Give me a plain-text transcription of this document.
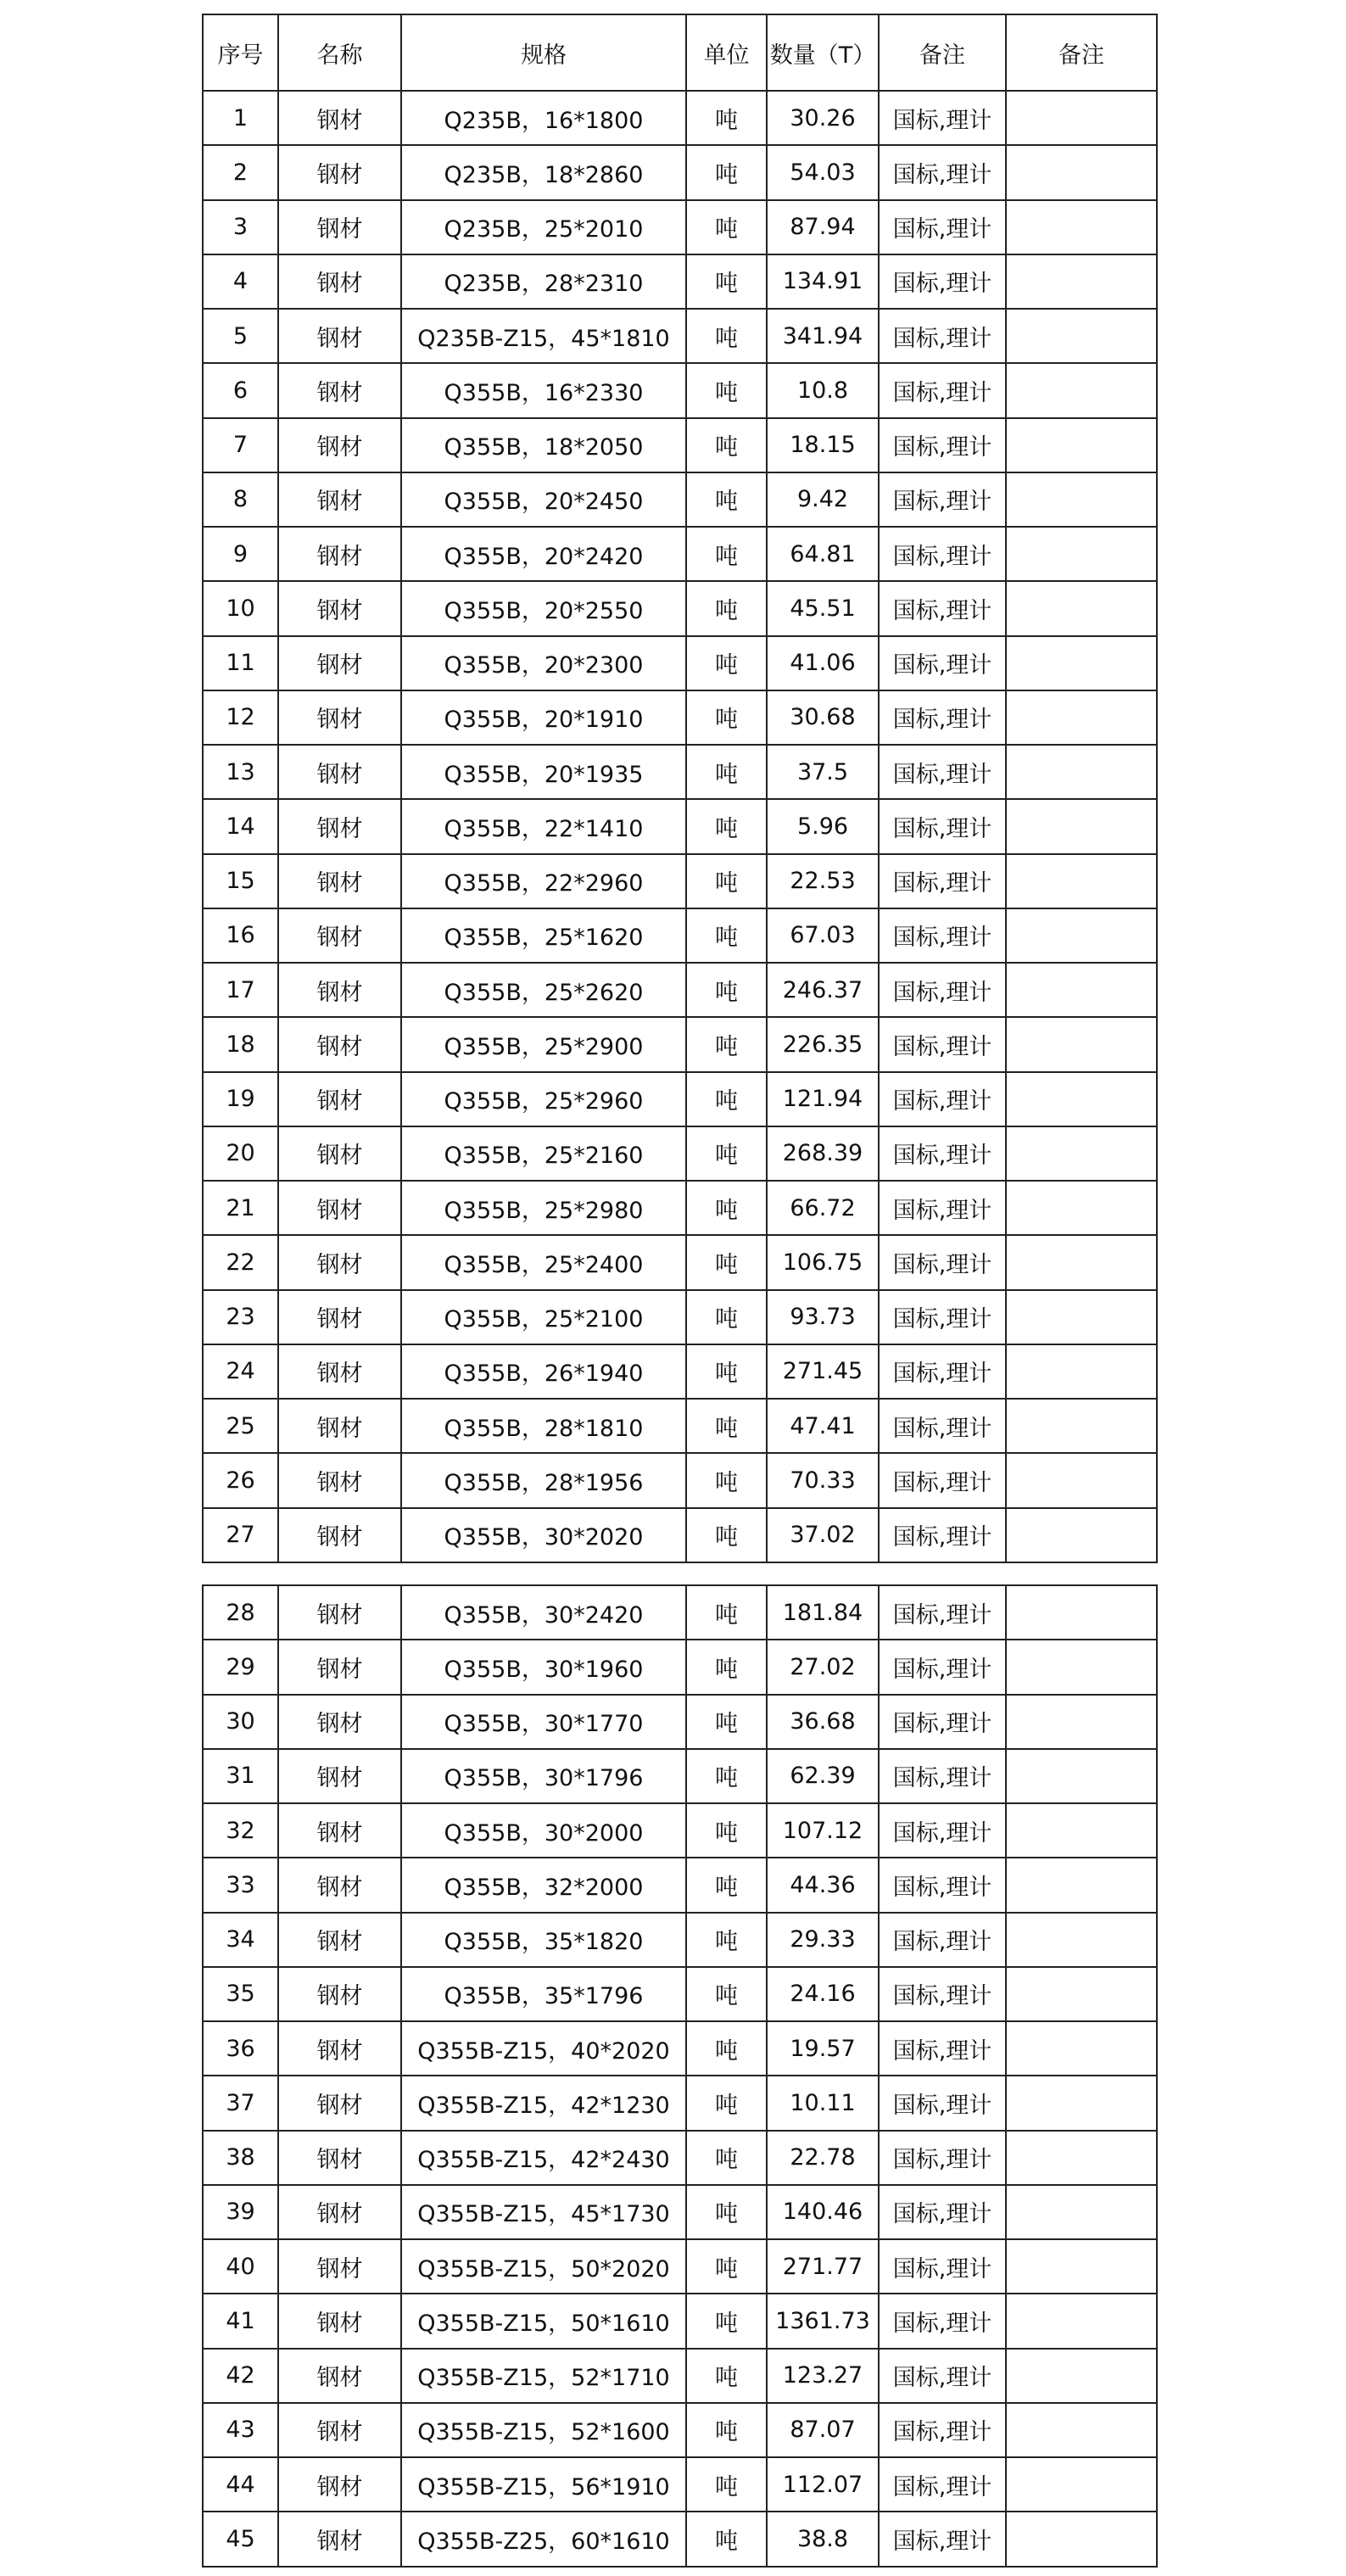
序号	名称	规格	单位	数量（T）	备注	备注
1	钢材	Q235B，16*1800	吨	30.26	国标,理计	
2	钢材	Q235B，18*2860	吨	54.03	国标,理计	
3	钢材	Q235B，25*2010	吨	87.94	国标,理计	
4	钢材	Q235B，28*2310	吨	134.91	国标,理计	
5	钢材	Q235B-Z15，45*1810	吨	341.94	国标,理计	
6	钢材	Q355B，16*2330	吨	10.8	国标,理计	
7	钢材	Q355B，18*2050	吨	18.15	国标,理计	
8	钢材	Q355B，20*2450	吨	9.42	国标,理计	
9	钢材	Q355B，20*2420	吨	64.81	国标,理计	
10	钢材	Q355B，20*2550	吨	45.51	国标,理计	
11	钢材	Q355B，20*2300	吨	41.06	国标,理计	
12	钢材	Q355B，20*1910	吨	30.68	国标,理计	
13	钢材	Q355B，20*1935	吨	37.5	国标,理计	
14	钢材	Q355B，22*1410	吨	5.96	国标,理计	
15	钢材	Q355B，22*2960	吨	22.53	国标,理计	
16	钢材	Q355B，25*1620	吨	67.03	国标,理计	
17	钢材	Q355B，25*2620	吨	246.37	国标,理计	
18	钢材	Q355B，25*2900	吨	226.35	国标,理计	
19	钢材	Q355B，25*2960	吨	121.94	国标,理计	
20	钢材	Q355B，25*2160	吨	268.39	国标,理计	
21	钢材	Q355B，25*2980	吨	66.72	国标,理计	
22	钢材	Q355B，25*2400	吨	106.75	国标,理计	
23	钢材	Q355B，25*2100	吨	93.73	国标,理计	
24	钢材	Q355B，26*1940	吨	271.45	国标,理计	
25	钢材	Q355B，28*1810	吨	47.41	国标,理计	
26	钢材	Q355B，28*1956	吨	70.33	国标,理计	
27	钢材	Q355B，30*2020	吨	37.02	国标,理计	
28	钢材	Q355B，30*2420	吨	181.84	国标,理计	
29	钢材	Q355B，30*1960	吨	27.02	国标,理计	
30	钢材	Q355B，30*1770	吨	36.68	国标,理计	
31	钢材	Q355B，30*1796	吨	62.39	国标,理计	
32	钢材	Q355B，30*2000	吨	107.12	国标,理计	
33	钢材	Q355B，32*2000	吨	44.36	国标,理计	
34	钢材	Q355B，35*1820	吨	29.33	国标,理计	
35	钢材	Q355B，35*1796	吨	24.16	国标,理计	
36	钢材	Q355B-Z15，40*2020	吨	19.57	国标,理计	
37	钢材	Q355B-Z15，42*1230	吨	10.11	国标,理计	
38	钢材	Q355B-Z15，42*2430	吨	22.78	国标,理计	
39	钢材	Q355B-Z15，45*1730	吨	140.46	国标,理计	
40	钢材	Q355B-Z15，50*2020	吨	271.77	国标,理计	
41	钢材	Q355B-Z15，50*1610	吨	1361.73	国标,理计	
42	钢材	Q355B-Z15，52*1710	吨	123.27	国标,理计	
43	钢材	Q355B-Z15，52*1600	吨	87.07	国标,理计	
44	钢材	Q355B-Z15，56*1910	吨	112.07	国标,理计	
45	钢材	Q355B-Z25，60*1610	吨	38.8	国标,理计	
